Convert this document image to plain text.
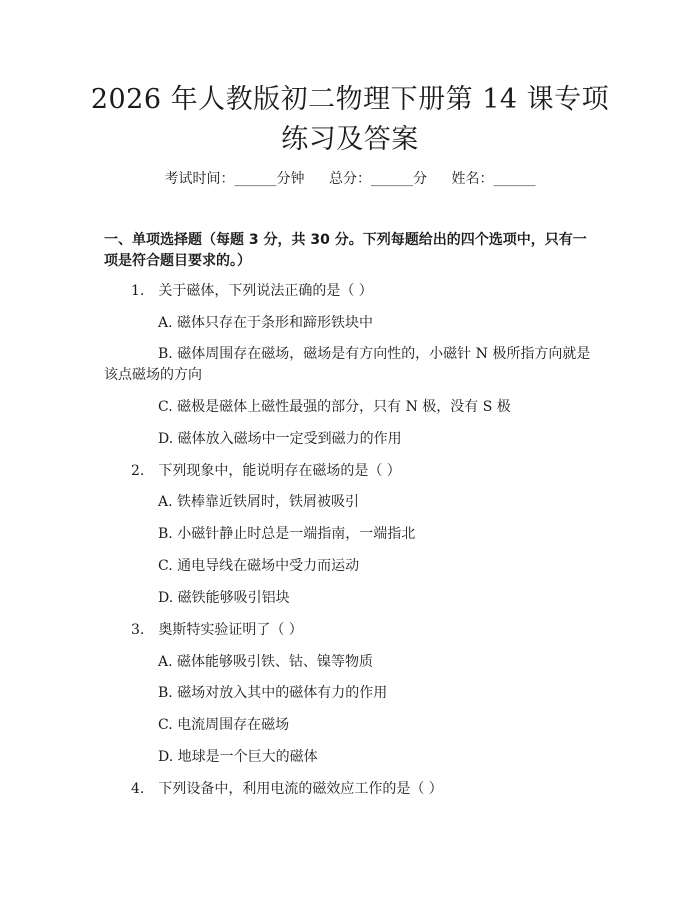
2026 年人教版初二物理下册第 14 课专项练习及答案
考试时间：______分钟 总分：______分 姓名：______
一、单项选择题（每题 3 分，共 30 分。下列每题给出的四个选项中，只有一项是符合题目要求的。）
1.　关于磁体，下列说法正确的是（ ）
A. 磁体只存在于条形和蹄形铁块中
B. 磁体周围存在磁场，磁场是有方向性的，小磁针 N 极所指方向就是该点磁场的方向
C. 磁极是磁体上磁性最强的部分，只有 N 极，没有 S 极
D. 磁体放入磁场中一定受到磁力的作用
2.　下列现象中，能说明存在磁场的是（ ）
A. 铁棒靠近铁屑时，铁屑被吸引
B. 小磁针静止时总是一端指南，一端指北
C. 通电导线在磁场中受力而运动
D. 磁铁能够吸引铝块
3.　奥斯特实验证明了（ ）
A. 磁体能够吸引铁、钴、镍等物质
B. 磁场对放入其中的磁体有力的作用
C. 电流周围存在磁场
D. 地球是一个巨大的磁体
4.　下列设备中，利用电流的磁效应工作的是（ ）
